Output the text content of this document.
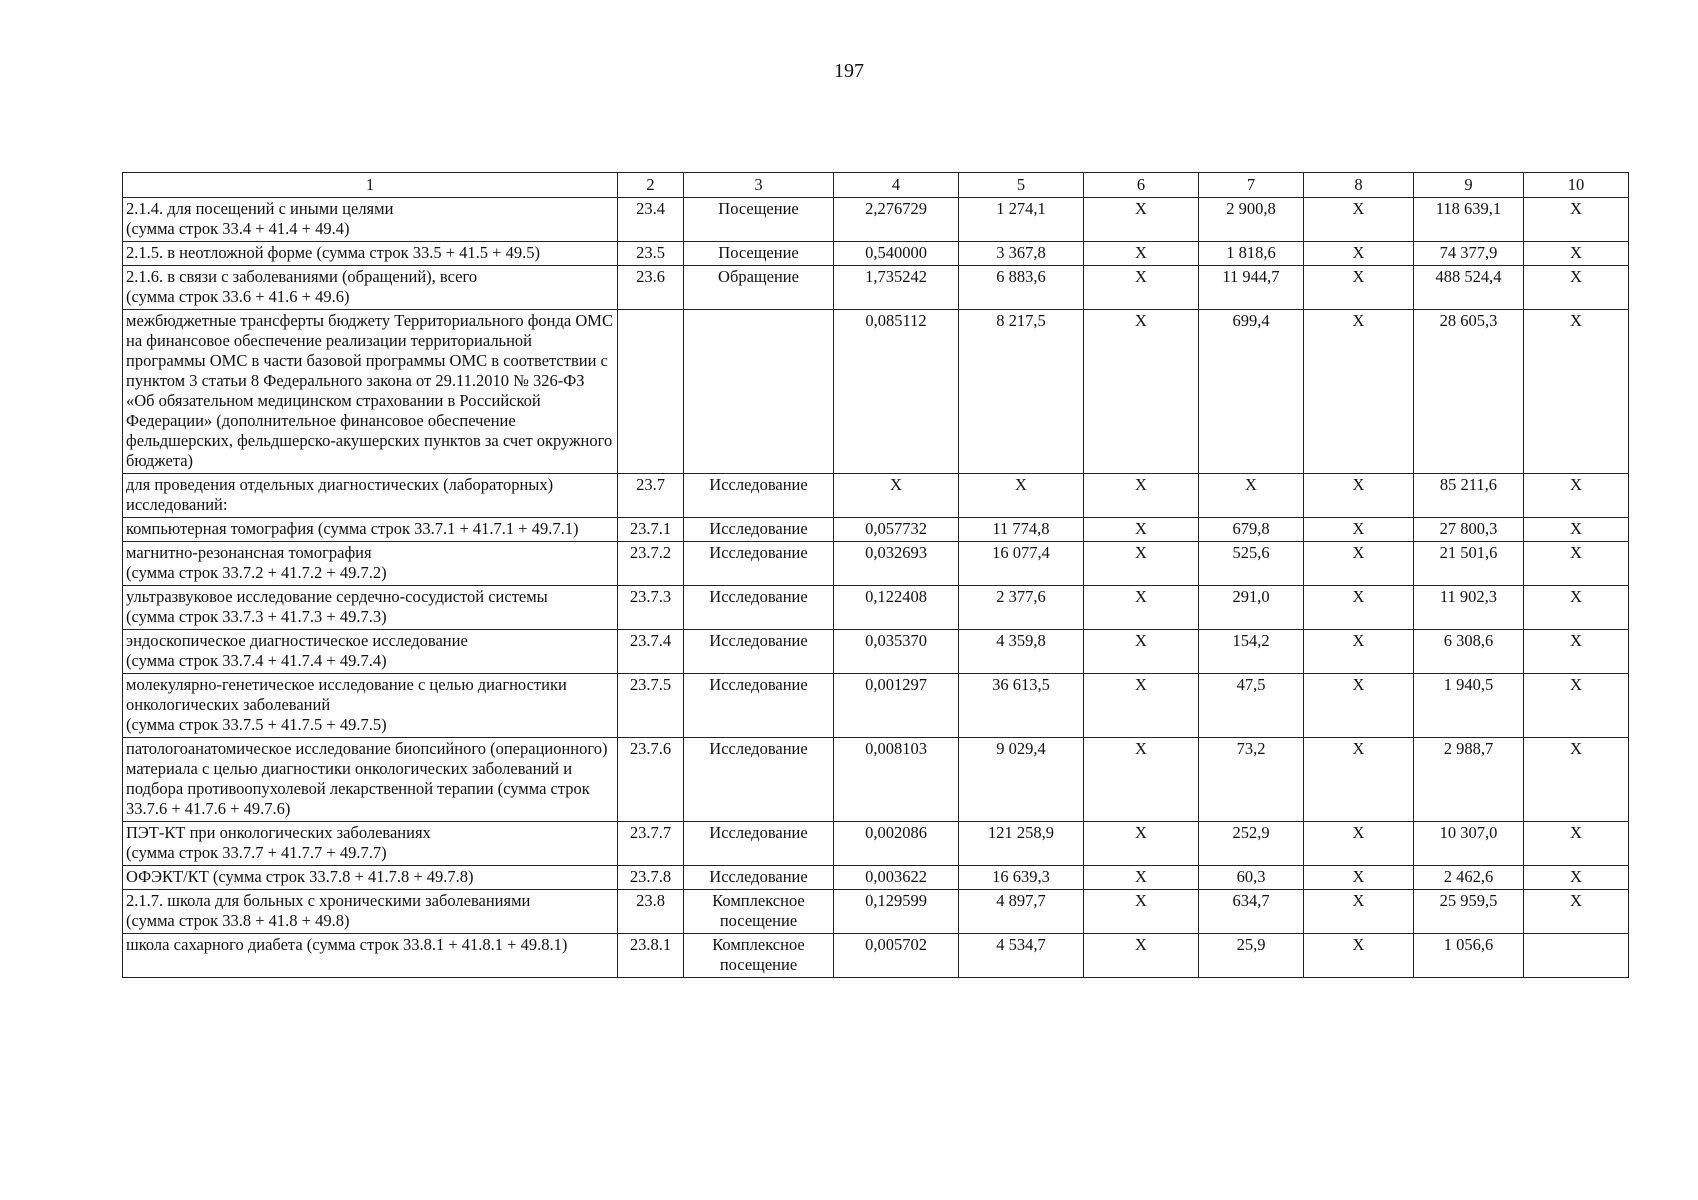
197
1	2	3	4	5	6	7	8	9	10
2.1.4. для посещений с иными целями
(сумма строк 33.4 + 41.4 + 49.4)	23.4	Посещение	2,276729	1 274,1	X	2 900,8	X	118 639,1	X
2.1.5. в неотложной форме (сумма строк 33.5 + 41.5 + 49.5)	23.5	Посещение	0,540000	3 367,8	X	1 818,6	X	74 377,9	X
2.1.6. в связи с заболеваниями (обращений), всего
(сумма строк 33.6 + 41.6 + 49.6)	23.6	Обращение	1,735242	6 883,6	X	11 944,7	X	488 524,4	X
межбюджетные трансферты бюджету Территориального фонда ОМС на финансовое обеспечение реализации территориальной программы ОМС в части базовой программы ОМС в соответствии с пунктом 3 статьи 8 Федерального закона от 29.11.2010 № 326-ФЗ «Об обязательном медицинском страховании в Российской Федерации» (дополнительное финансовое обеспечение фельдшерских, фельдшерско-акушерских пунктов за счет окружного бюджета)			0,085112	8 217,5	X	699,4	X	28 605,3	X
для проведения отдельных диагностических (лабораторных) исследований:	23.7	Исследование	X	X	X	X	X	85 211,6	X
компьютерная томография (сумма строк 33.7.1 + 41.7.1 + 49.7.1)	23.7.1	Исследование	0,057732	11 774,8	X	679,8	X	27 800,3	X
магнитно-резонансная томография
(сумма строк 33.7.2 + 41.7.2 + 49.7.2)	23.7.2	Исследование	0,032693	16 077,4	X	525,6	X	21 501,6	X
ультразвуковое исследование сердечно-сосудистой системы
(сумма строк 33.7.3 + 41.7.3 + 49.7.3)	23.7.3	Исследование	0,122408	2 377,6	X	291,0	X	11 902,3	X
эндоскопическое диагностическое исследование
(сумма строк 33.7.4 + 41.7.4 + 49.7.4)	23.7.4	Исследование	0,035370	4 359,8	X	154,2	X	6 308,6	X
молекулярно-генетическое исследование с целью диагностики онкологических заболеваний
(сумма строк 33.7.5 + 41.7.5 + 49.7.5)	23.7.5	Исследование	0,001297	36 613,5	X	47,5	X	1 940,5	X
патологоанатомическое исследование биопсийного (операционного) материала с целью диагностики онкологических заболеваний и подбора противоопухолевой лекарственной терапии (сумма строк 33.7.6 + 41.7.6 + 49.7.6)	23.7.6	Исследование	0,008103	9 029,4	X	73,2	X	2 988,7	X
ПЭТ-КТ при онкологических заболеваниях
(сумма строк 33.7.7 + 41.7.7 + 49.7.7)	23.7.7	Исследование	0,002086	121 258,9	X	252,9	X	10 307,0	X
ОФЭКТ/КТ (сумма строк 33.7.8 + 41.7.8 + 49.7.8)	23.7.8	Исследование	0,003622	16 639,3	X	60,3	X	2 462,6	X
2.1.7. школа для больных с хроническими заболеваниями
(сумма строк 33.8 + 41.8 + 49.8)	23.8	Комплексное посещение	0,129599	4 897,7	X	634,7	X	25 959,5	X
школа сахарного диабета (сумма строк 33.8.1 + 41.8.1 + 49.8.1)	23.8.1	Комплексное посещение	0,005702	4 534,7	X	25,9	X	1 056,6	
